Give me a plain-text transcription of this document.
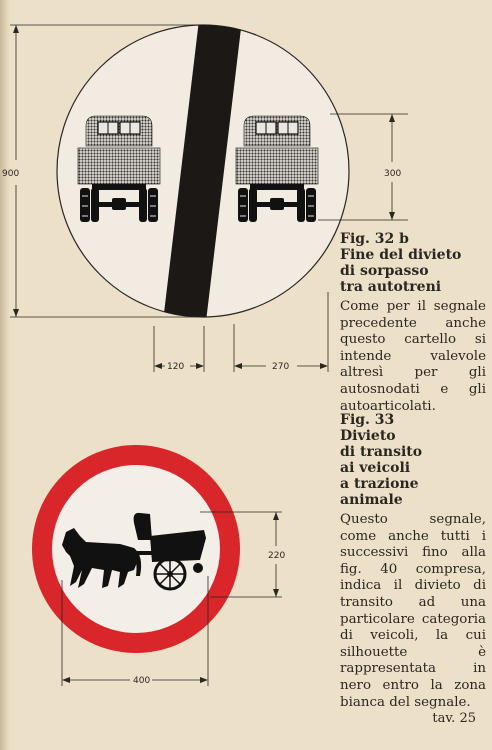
900	300
120	270
220
400

Fig. 32 b

Fine del divieto

di sorpasso

tra autotreni

Come per il segnale precedente anche questo cartello si intende valevole altresì per gli autosnodati e gli autoarticolati.

Fig. 33

Divieto

di transito

ai veicoli

a trazione

animale

Questo segnale, come anche tutti i successivi fino alla fig. 40 compresa, indica il divieto di transito ad una particolare categoria di veicoli, la cui silhouette è rappresentata in nero entro la zona bianca del segnale.

tav. 25
